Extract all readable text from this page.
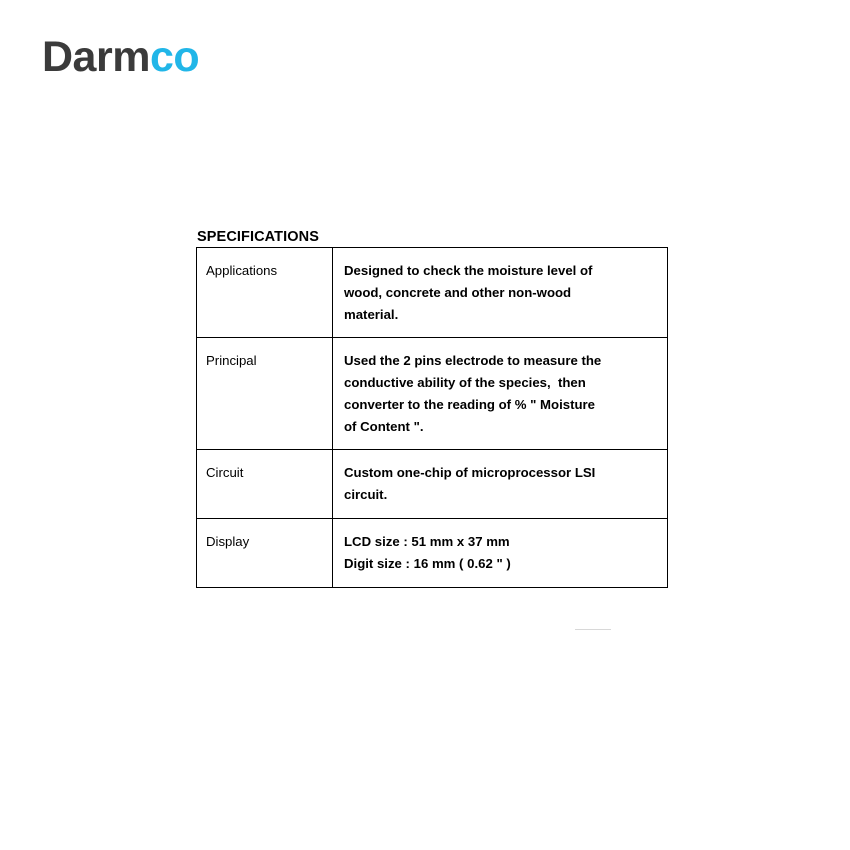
Darmco
SPECIFICATIONS
Applications	Designed to check the moisture level of
wood, concrete and other non-wood
material.

Principal	Used the 2 pins electrode to measure the
conductive ability of the species,  then
converter to the reading of % " Moisture
of Content ".

Circuit	Custom one-chip of microprocessor LSI
circuit.

Display	LCD size : 51 mm x 37 mm
Digit size : 16 mm ( 0.62 " )
